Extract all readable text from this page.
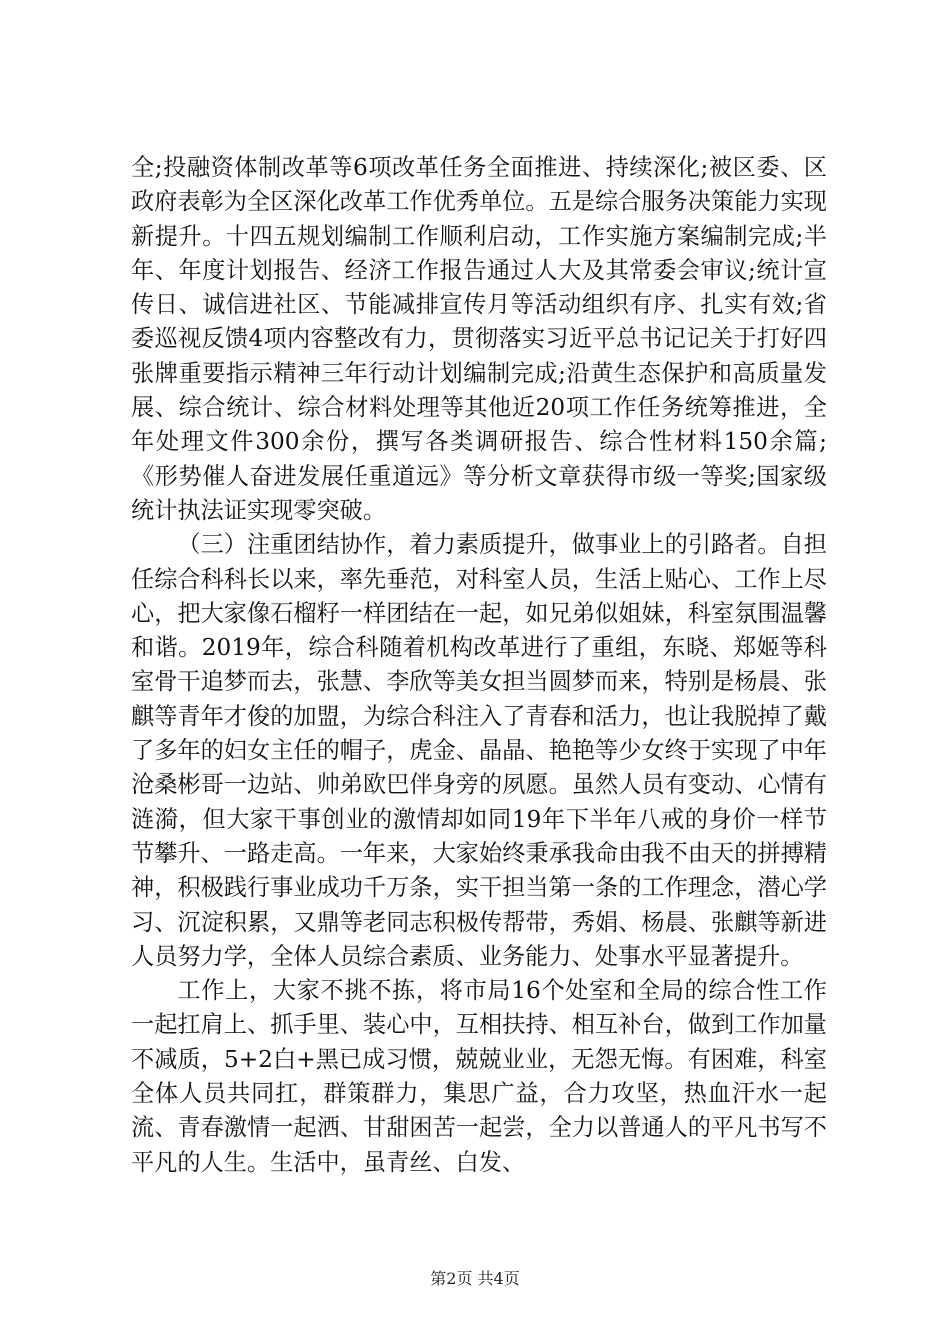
全;投融资体制改革等6项改革任务全面推进、持续深化;被区委、区政府表彰为全区深化改革工作优秀单位。五是综合服务决策能力实现新提升。十四五规划编制工作顺利启动，工作实施方案编制完成;半年、年度计划报告、经济工作报告通过人大及其常委会审议;统计宣传日、诚信进社区、节能减排宣传月等活动组织有序、扎实有效;省委巡视反馈4项内容整改有力，贯彻落实习近平总书记记关于打好四张牌重要指示精神三年行动计划编制完成;沿黄生态保护和高质量发展、综合统计、综合材料处理等其他近20项工作任务统筹推进，全年处理文件300余份，撰写各类调研报告、综合性材料150余篇;《形势催人奋进发展任重道远》等分析文章获得市级一等奖;国家级统计执法证实现零突破。

（三）注重团结协作，着力素质提升，做事业上的引路者。自担任综合科科长以来，率先垂范，对科室人员，生活上贴心、工作上尽心，把大家像石榴籽一样团结在一起，如兄弟似姐妹，科室氛围温馨和谐。2019年，综合科随着机构改革进行了重组，东晓、郑姬等科室骨干追梦而去，张慧、李欣等美女担当圆梦而来，特别是杨晨、张麒等青年才俊的加盟，为综合科注入了青春和活力，也让我脱掉了戴了多年的妇女主任的帽子，虎金、晶晶、艳艳等少女终于实现了中年沧桑彬哥一边站、帅弟欧巴伴身旁的夙愿。虽然人员有变动、心情有涟漪，但大家干事创业的激情却如同19年下半年八戒的身价一样节节攀升、一路走高。一年来，大家始终秉承我命由我不由天的拼搏精神，积极践行事业成功千万条，实干担当第一条的工作理念，潜心学习、沉淀积累，又鼎等老同志积极传帮带，秀娟、杨晨、张麒等新进人员努力学，全体人员综合素质、业务能力、处事水平显著提升。

工作上，大家不挑不拣，将市局16个处室和全局的综合性工作一起扛肩上、抓手里、装心中，互相扶持、相互补台，做到工作加量不减质，5+2白+黑已成习惯，兢兢业业，无怨无悔。有困难，科室全体人员共同扛，群策群力，集思广益，合力攻坚，热血汗水一起流、青春激情一起洒、甘甜困苦一起尝，全力以普通人的平凡书写不平凡的人生。生活中，虽青丝、白发、

第2页 共4页
